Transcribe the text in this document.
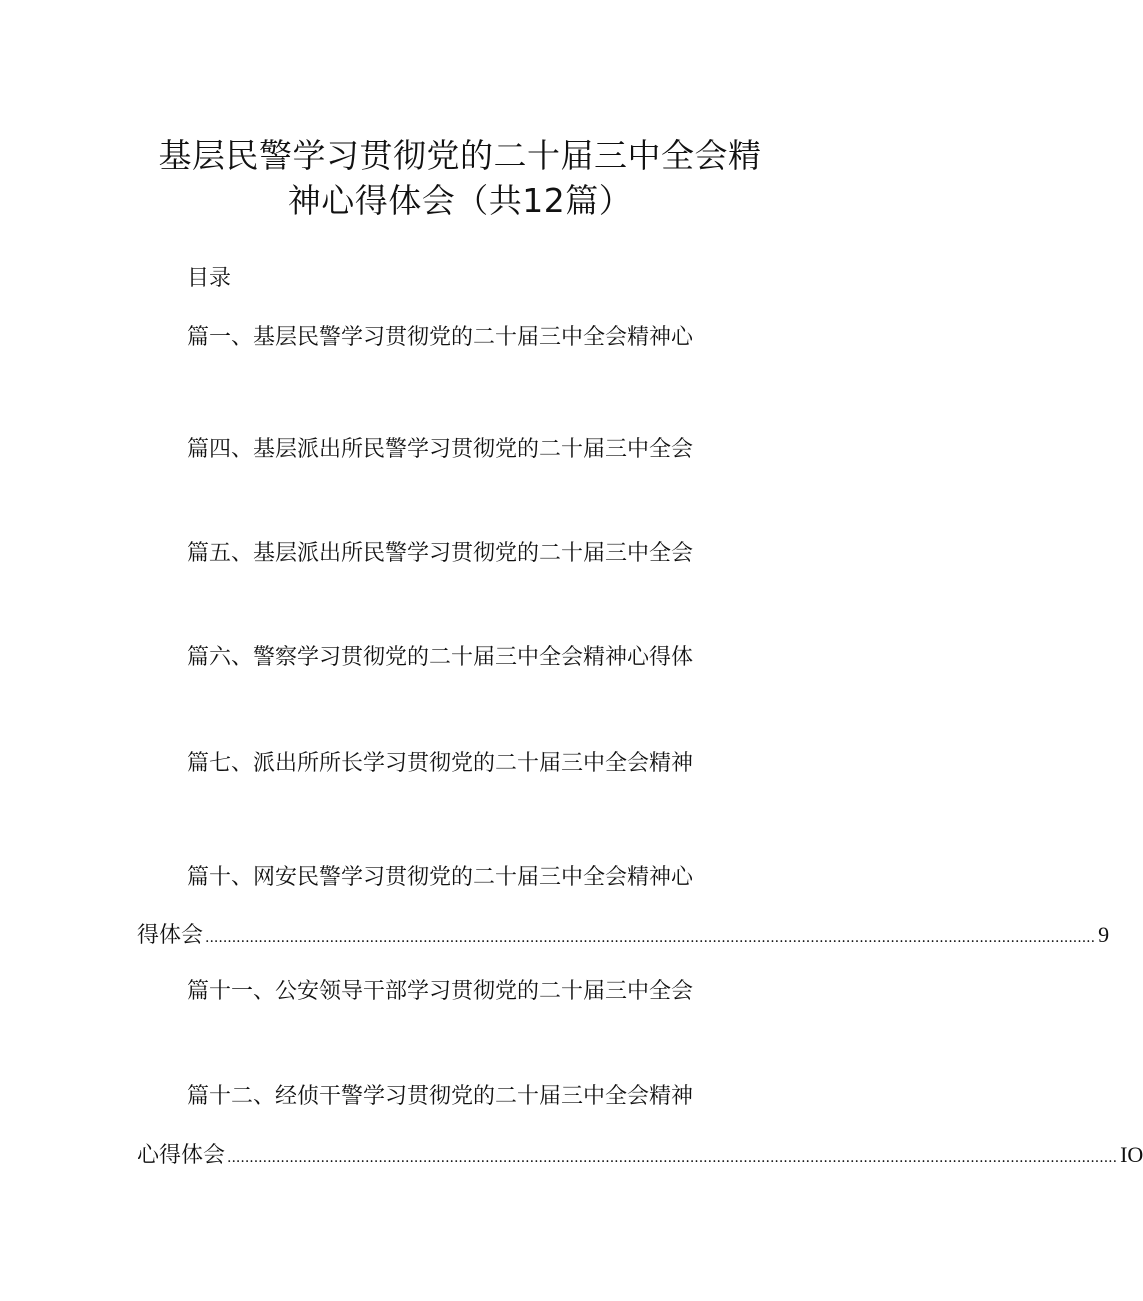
基层民警学习贯彻党的二十届三中全会精
神心得体会（共12篇）
目录
篇一、基层民警学习贯彻党的二十届三中全会精神心
篇四、基层派出所民警学习贯彻党的二十届三中全会
篇五、基层派出所民警学习贯彻党的二十届三中全会
篇六、警察学习贯彻党的二十届三中全会精神心得体
篇七、派出所所长学习贯彻党的二十届三中全会精神
篇十、网安民警学习贯彻党的二十届三中全会精神心
得体会 ........................................................................................................................................................................................................ 9
篇十一、公安领导干部学习贯彻党的二十届三中全会
篇十二、经侦干警学习贯彻党的二十届三中全会精神
心得体会 ........................................................................................................................................................................................................ IO
